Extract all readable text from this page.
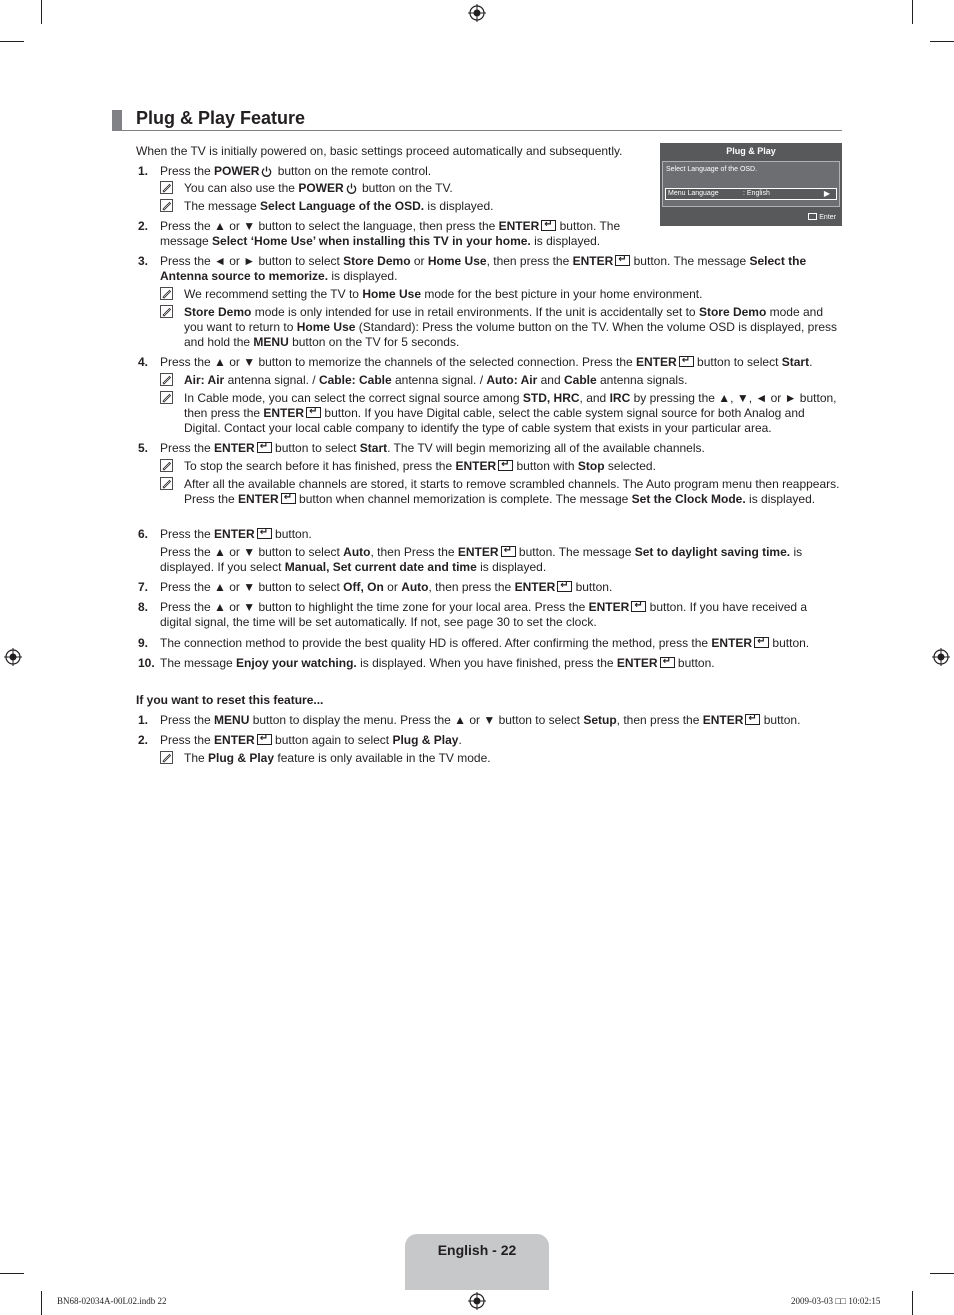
Plug & Play Feature
Plug & Play
Select Language of the OSD.
Menu Language	: English	▶
Enter
When the TV is initially powered on, basic settings proceed automatically and subsequently.
1. Press the POWER button on the remote control.
You can also use the POWER button on the TV.
The message Select Language of the OSD. is displayed.
2. Press the ▲ or ▼ button to select the language, then press the ENTER↵ button. The message Select ‘Home Use’ when installing this TV in your home. is displayed.
3. Press the ◄ or ► button to select Store Demo or Home Use, then press the ENTER↵ button. The message Select the Antenna source to memorize. is displayed.
We recommend setting the TV to Home Use mode for the best picture in your home environment.
Store Demo mode is only intended for use in retail environments. If the unit is accidentally set to Store Demo mode and you want to return to Home Use (Standard): Press the volume button on the TV. When the volume OSD is displayed, press and hold the MENU button on the TV for 5 seconds.
4. Press the ▲ or ▼ button to memorize the channels of the selected connection. Press the ENTER↵ button to select Start.
Air: Air antenna signal. / Cable: Cable antenna signal. / Auto: Air and Cable antenna signals.
In Cable mode, you can select the correct signal source among STD, HRC, and IRC by pressing the ▲, ▼, ◄ or ► button, then press the ENTER↵ button. If you have Digital cable, select the cable system signal source for both Analog and Digital. Contact your local cable company to identify the type of cable system that exists in your particular area.
5. Press the ENTER↵ button to select Start. The TV will begin memorizing all of the available channels.
To stop the search before it has finished, press the ENTER↵ button with Stop selected.
After all the available channels are stored, it starts to remove scrambled channels. The Auto program menu then reappears. Press the ENTER↵ button when channel memorization is complete. The message Set the Clock Mode. is displayed.
6. Press the ENTER↵ button.
Press the ▲ or ▼ button to select Auto, then Press the ENTER↵ button. The message Set to daylight saving time. is displayed. If you select Manual, Set current date and time is displayed.
7. Press the ▲ or ▼ button to select Off, On or Auto, then press the ENTER↵ button.
8. Press the ▲ or ▼ button to highlight the time zone for your local area. Press the ENTER↵ button. If you have received a digital signal, the time will be set automatically. If not, see page 30 to set the clock.
9. The connection method to provide the best quality HD is offered. After confirming the method, press the ENTER↵ button.
10. The message Enjoy your watching. is displayed. When you have finished, press the ENTER↵ button.
If you want to reset this feature...
1. Press the MENU button to display the menu. Press the ▲ or ▼ button to select Setup, then press the ENTER↵ button.
2. Press the ENTER↵ button again to select Plug & Play.
The Plug & Play feature is only available in the TV mode.
English - 22
BN68-02034A-00L02.indb 22	2009-03-03 □□ 10:02:15
